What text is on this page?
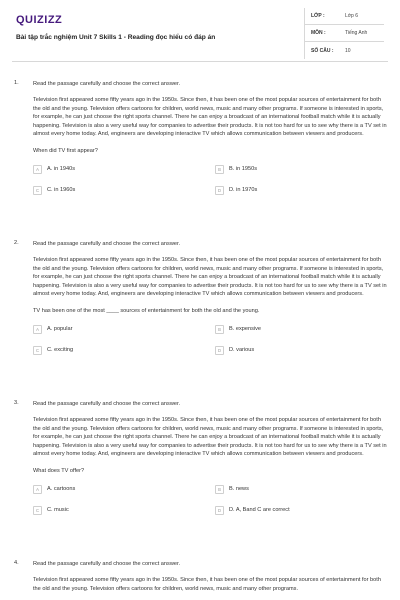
QUIZIZZ
Bài tập trắc nghiệm Unit 7 Skills 1 - Reading đọc hiểu có đáp án
LỚP :	Lớp 6
MÔN :	Tiếng Anh
SỐ CÂU :	10
1.	Read the passage carefully and choose the correct answer.
Television first appeared some fifty years ago in the 1950s. Since then, it has been one of the most popular sources of entertainment for both the old and the young. Television offers cartoons for children, world news, music and many other programs. If someone is interested in sports, for example, he can just choose the right sports channel. There he can enjoy a broadcast of an international football match while it is actually happening. Television is also a very useful way for companies to advertise their products. It is not too hard for us to see why there is a TV set in almost every home today. And, engineers are developing interactive TV which allows communication between viewers and producers.
When did TV first appear?
A	A. in 1940s	B	B. in 1950s
C	C. in 1960s	D	D. in 1970s
2.	Read the passage carefully and choose the correct answer.
Television first appeared some fifty years ago in the 1950s. Since then, it has been one of the most popular sources of entertainment for both the old and the young. Television offers cartoons for children, world news, music and many other programs. If someone is interested in sports, for example, he can just choose the right sports channel. There he can enjoy a broadcast of an international football match while it is actually happening. Television is also a very useful way for companies to advertise their products. It is not too hard for us to see why there is a TV set in almost every home today. And, engineers are developing interactive TV which allows communication between viewers and producers.
TV has been one of the most ____ sources of entertainment for both the old and the young.
A	A. popular	B	B. expensive
C	C. exciting	D	D. various
3.	Read the passage carefully and choose the correct answer.
Television first appeared some fifty years ago in the 1950s. Since then, it has been one of the most popular sources of entertainment for both the old and the young. Television offers cartoons for children, world news, music and many other programs. If someone is interested in sports, for example, he can just choose the right sports channel. There he can enjoy a broadcast of an international football match while it is actually happening. Television is also a very useful way for companies to advertise their products. It is not too hard for us to see why there is a TV set in almost every home today. And, engineers are developing interactive TV which allows communication between viewers and producers.
What does TV offer?
A	A. cartoons	B	B. news
C	C. music	D	D. A, Band C are correct
4.	Read the passage carefully and choose the correct answer.
Television first appeared some fifty years ago in the 1950s. Since then, it has been one of the most popular sources of entertainment for both the old and the young. Television offers cartoons for children, world news, music and many other programs.
